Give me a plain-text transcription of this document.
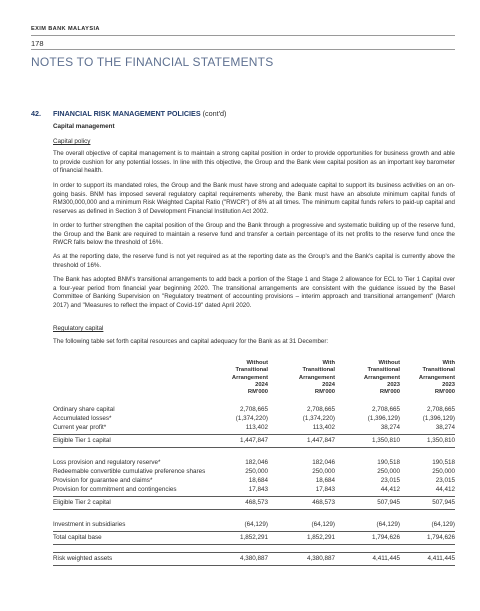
EXIM BANK MALAYSIA
178
NOTES TO THE FINANCIAL STATEMENTS
42. FINANCIAL RISK MANAGEMENT POLICIES (cont'd)
Capital management
Capital policy
The overall objective of capital management is to maintain a strong capital position in order to provide opportunities for business growth and able to provide cushion for any potential losses. In line with this objective, the Group and the Bank view capital position as an important key barometer of financial health.
In order to support its mandated roles, the Group and the Bank must have strong and adequate capital to support its business activities on an on-going basis. BNM has imposed several regulatory capital requirements whereby, the Bank must have an absolute minimum capital funds of RM300,000,000 and a minimum Risk Weighted Capital Ratio ("RWCR") of 8% at all times. The minimum capital funds refers to paid-up capital and reserves as defined in Section 3 of Development Financial Institution Act 2002.
In order to further strengthen the capital position of the Group and the Bank through a progressive and systematic building up of the reserve fund, the Group and the Bank are required to maintain a reserve fund and transfer a certain percentage of its net profits to the reserve fund once the RWCR falls below the threshold of 16%.
As at the reporting date, the reserve fund is not yet required as at the reporting date as the Group's and the Bank's capital is currently above the threshold of 16%.
The Bank has adopted BNM's transitional arrangements to add back a portion of the Stage 1 and Stage 2 allowance for ECL to Tier 1 Capital over a four-year period from financial year beginning 2020. The transitional arrangements are consistent with the guidance issued by the Basel Committee of Banking Supervision on "Regulatory treatment of accounting provisions – interim approach and transitional arrangement" (March 2017) and "Measures to reflect the impact of Covid-19" dated April 2020.
Regulatory capital
The following table set forth capital resources and capital adequacy for the Bank as at 31 December:
Without
Transitional
Arrangement
2024
RM'000
With
Transitional
Arrangement
2024
RM'000
Without
Transitional
Arrangement
2023
RM'000
With
Transitional
Arrangement
2023
RM'000
Ordinary share capital	2,708,665	2,708,665	2,708,665	2,708,665
Accumulated losses*	(1,374,220)	(1,374,220)	(1,396,129)	(1,396,129)
Current year profit*	113,402	113,402	38,274	38,274
Eligible Tier 1 capital	1,447,847	1,447,847	1,350,810	1,350,810
Loss provision and regulatory reserve*	182,046	182,046	190,518	190,518
Redeemable convertible cumulative preference shares	250,000	250,000	250,000	250,000
Provision for guarantee and claims*	18,684	18,684	23,015	23,015
Provision for commitment and contingencies	17,843	17,843	44,412	44,412
Eligible Tier 2 capital	468,573	468,573	507,945	507,945
Investment in subsidiaries	(64,129)	(64,129)	(64,129)	(64,129)
Total capital base	1,852,291	1,852,291	1,794,626	1,794,626
Risk weighted assets	4,380,887	4,380,887	4,411,445	4,411,445
